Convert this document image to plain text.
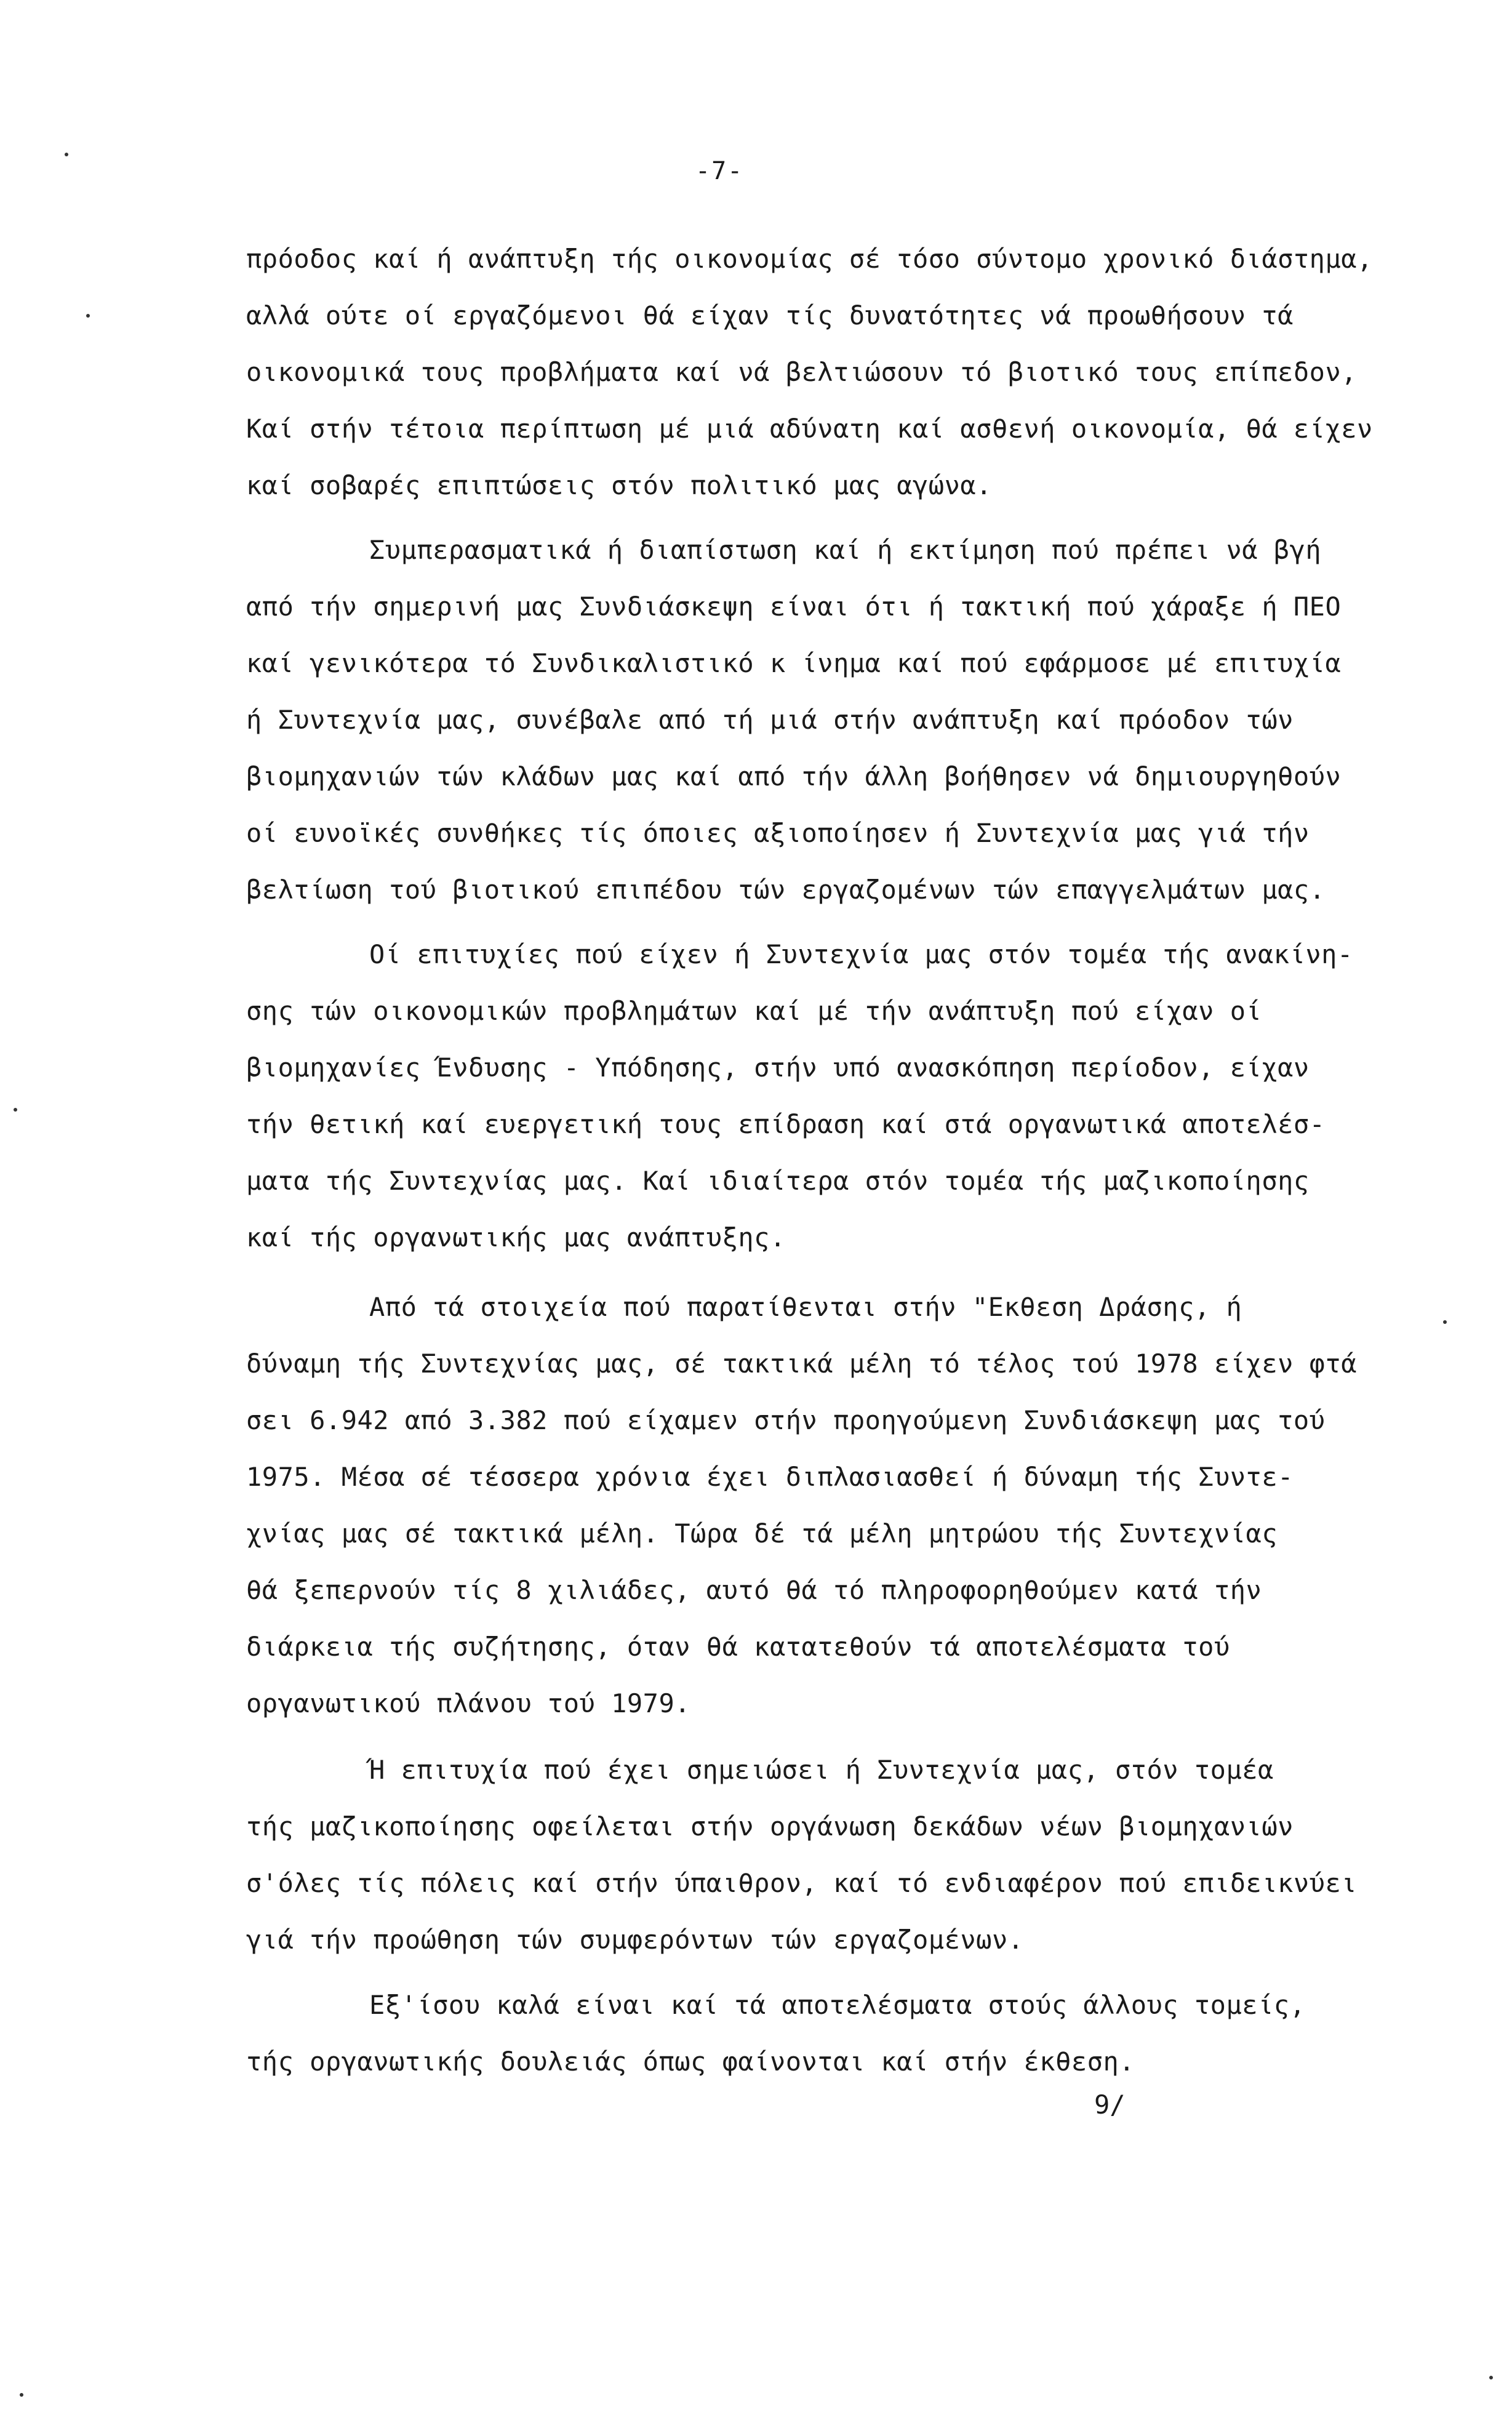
-7-
πρόοδος καί ή ανάπτυξη τής οικονομίας σέ τόσο σύντομο χρονικό διάστημα,
αλλά ούτε οί εργαζόμενοι θά είχαν τίς δυνατότητες νά προωθήσουν τά
οικονομικά τους προβλήματα καί νά βελτιώσουν τό βιοτικό τους επίπεδον,
Καί στήν τέτοια περίπτωση μέ μιά αδύνατη καί ασθενή οικονομία, θά είχεν
καί σοβαρές επιπτώσεις στόν πολιτικό μας αγώνα.
Συμπερασματικά ή διαπίστωση καί ή εκτίμηση πού πρέπει νά βγή
από τήν σημερινή μας Συνδιάσκεψη είναι ότι ή τακτική πού χάραξε ή ΠΕΟ
καί γενικότερα τό Συνδικαλιστικό κ ίνημα καί πού εφάρμοσε μέ επιτυχία
ή Συντεχνία μας, συνέβαλε από τή μιά στήν ανάπτυξη καί πρόοδον τών
βιομηχανιών τών κλάδων μας καί από τήν άλλη βοήθησεν νά δημιουργηθούν
οί ευνοϊκές συνθήκες τίς όποιες αξιοποίησεν ή Συντεχνία μας γιά τήν
βελτίωση τού βιοτικού επιπέδου τών εργαζομένων τών επαγγελμάτων μας.
Οί επιτυχίες πού είχεν ή Συντεχνία μας στόν τομέα τής ανακίνη-
σης τών οικονομικών προβλημάτων καί μέ τήν ανάπτυξη πού είχαν οί
βιομηχανίες Ένδυσης - Υπόδησης, στήν υπό ανασκόπηση περίοδον, είχαν
τήν θετική καί ευεργετική τους επίδραση καί στά οργανωτικά αποτελέσ-
ματα τής Συντεχνίας μας. Καί ιδιαίτερα στόν τομέα τής μαζικοποίησης
καί τής οργανωτικής μας ανάπτυξης.
Από τά στοιχεία πού παρατίθενται στήν "Εκθεση Δράσης, ή
δύναμη τής Συντεχνίας μας, σέ τακτικά μέλη τό τέλος τού 1978 είχεν φτά
σει 6.942 από 3.382 πού είχαμεν στήν προηγούμενη Συνδιάσκεψη μας τού
1975. Μέσα σέ τέσσερα χρόνια έχει διπλασιασθεί ή δύναμη τής Συντε-
χνίας μας σέ τακτικά μέλη. Τώρα δέ τά μέλη μητρώου τής Συντεχνίας
θά ξεπερνούν τίς 8 χιλιάδες, αυτό θά τό πληροφορηθούμεν κατά τήν
διάρκεια τής συζήτησης, όταν θά κατατεθούν τά αποτελέσματα τού
οργανωτικού πλάνου τού 1979.
Ή επιτυχία πού έχει σημειώσει ή Συντεχνία μας, στόν τομέα
τής μαζικοποίησης οφείλεται στήν οργάνωση δεκάδων νέων βιομηχανιών
σ'όλες τίς πόλεις καί στήν ύπαιθρον, καί τό ενδιαφέρον πού επιδεικνύει
γιά τήν προώθηση τών συμφερόντων τών εργαζομένων.
Εξ'ίσου καλά είναι καί τά αποτελέσματα στούς άλλους τομείς,
τής οργανωτικής δουλειάς όπως φαίνονται καί στήν έκθεση.
9/
